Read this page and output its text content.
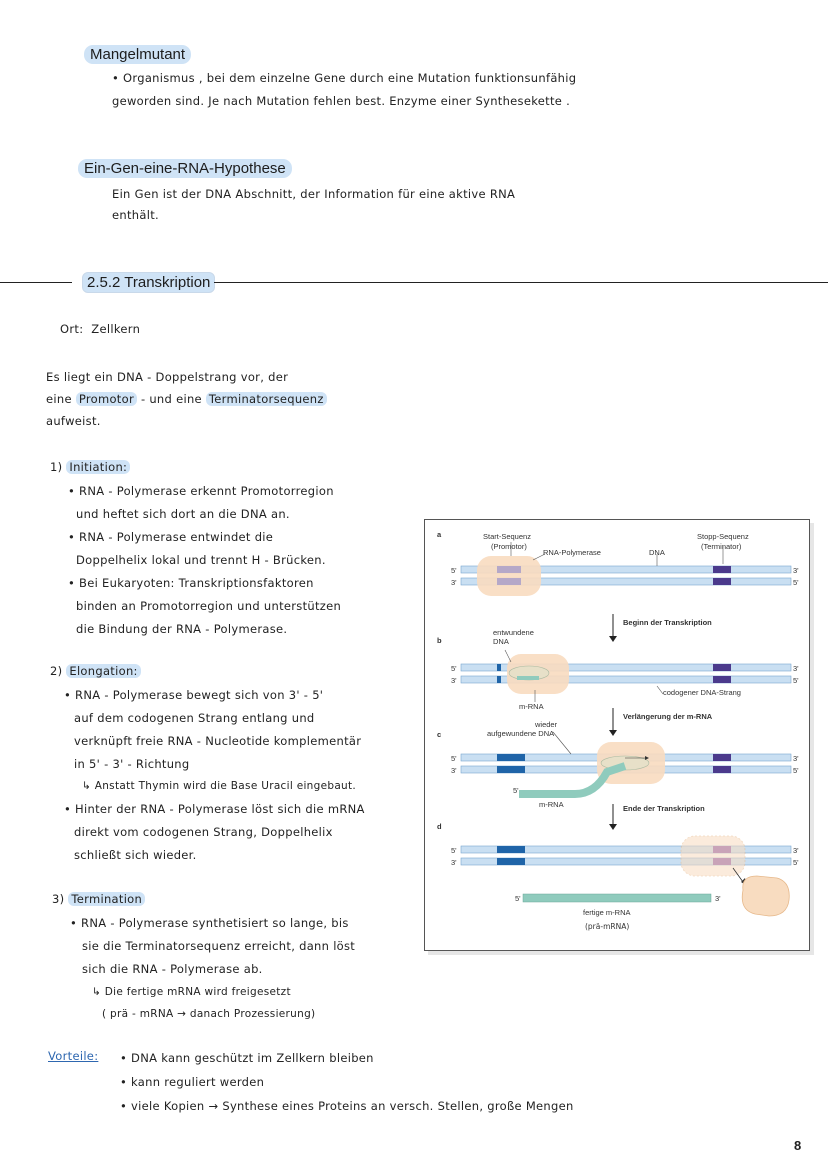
Mangelmutant
• Organismus , bei dem einzelne Gene durch eine Mutation funktionsunfähig
geworden sind. Je nach Mutation fehlen best. Enzyme einer Synthesekette .
Ein-Gen-eine-RNA-Hypothese
Ein Gen ist der DNA Abschnitt, der Information für eine aktive RNA
enthält.
2.5.2 Transkription
Ort: Zellkern
Es liegt ein DNA - Doppelstrang vor, der
eine Promotor - und eine Terminatorsequenz
aufweist.
1) Initiation:
• RNA - Polymerase erkennt Promotorregion
und heftet sich dort an die DNA an.
• RNA - Polymerase entwindet die
Doppelhelix lokal und trennt H - Brücken.
• Bei Eukaryoten: Transkriptionsfaktoren
binden an Promotorregion und unterstützen
die Bindung der RNA - Polymerase.
2) Elongation:
• RNA - Polymerase bewegt sich von 3' - 5'
auf dem codogenen Strang entlang und
verknüpft freie RNA - Nucleotide komplementär
in 5' - 3' - Richtung
↳ Anstatt Thymin wird die Base Uracil eingebaut.
• Hinter der RNA - Polymerase löst sich die mRNA
direkt vom codogenen Strang, Doppelhelix
schließt sich wieder.
3) Termination
• RNA - Polymerase synthetisiert so lange, bis
sie die Terminatorsequenz erreicht, dann löst
sich die RNA - Polymerase ab.
↳ Die fertige mRNA wird freigesetzt
( prä - mRNA → danach Prozessierung)
Vorteile: • DNA kann geschützt im Zellkern bleiben
• kann reguliert werden
• viele Kopien → Synthese eines Proteins an versch. Stellen, große Mengen
8
a
b
c
d
Start-Sequenz
(Promotor)
RNA-Polymerase	DNA
Stopp-Sequenz
(Terminator)
5'
3'
3'
5'
Beginn der Transkription
entwundene
DNA
5'
3'
3'
5'
m-RNA
codogener DNA-Strang
Verlängerung der m-RNA
wieder
aufgewundene DNA
5'
3'
3'
5'
5'
m-RNA	Ende der Transkription
5'
3'
3'
5'
5'	3'
fertige m-RNA
(prä-mRNA)
